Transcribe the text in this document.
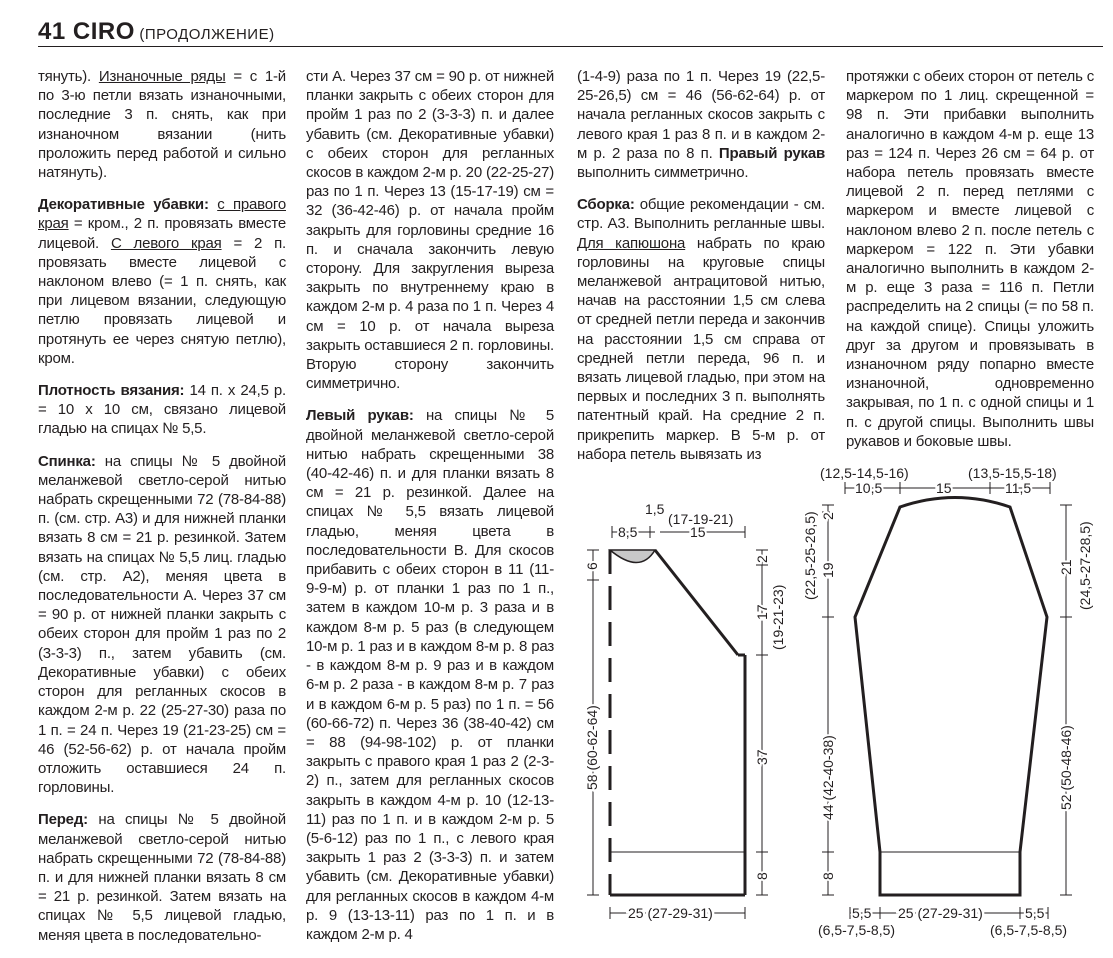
41 CIRO (ПРОДОЛЖЕНИЕ)

тянуть). Изнаночные ряды = с 1-й по 3-ю петли вязать изнаночными, последние 3 п. снять, как при изнаночном вязании (нить проложить перед работой и сильно натянуть).

Декоративные убавки: с правого края = кром., 2 п. провязать вместе лицевой. С левого края = 2 п. провязать вместе лицевой с наклоном влево (= 1 п. снять, как при лицевом вязании, следующую петлю провязать лицевой и протянуть ее через снятую петлю), кром.

Плотность вязания: 14 п. x 24,5 р. = 10 x 10 см, связано лицевой гладью на спицах № 5,5.

Спинка: на спицы № 5 двойной меланжевой светло-серой нитью набрать скрещенными 72 (78-84-88) п. (см. стр. А3) и для нижней планки вязать 8 см = 21 р. резинкой. Затем вязать на спицах № 5,5 лиц. гладью (см. стр. А2), меняя цвета в последовательности А. Через 37 см = 90 р. от нижней планки закрыть с обеих сторон для пройм 1 раз по 2 (3-3-3) п., затем убавить (см. Декоративные убавки) с обеих сторон для регланных скосов в каждом 2-м р. 22 (25-27-30) раза по 1 п. = 24 п. Через 19 (21-23-25) см = 46 (52-56-62) р. от начала пройм отложить оставшиеся 24 п. горловины.

Перед: на спицы № 5 двойной меланжевой светло-серой нитью набрать скрещенными 72 (78-84-88) п. и для нижней планки вязать 8 см = 21 р. резинкой. Затем вязать на спицах № 5,5 лицевой гладью, меняя цвета в последовательно-

сти А. Через 37 см = 90 р. от нижней планки закрыть с обеих сторон для пройм 1 раз по 2 (3-3-3) п. и далее убавить (см. Декоративные убавки) с обеих сторон для регланных скосов в каждом 2-м р. 20 (22-25-27) раз по 1 п. Через 13 (15-17-19) см = 32 (36-42-46) р. от начала пройм закрыть для горловины средние 16 п. и сначала закончить левую сторону. Для закругления выреза закрыть по внутреннему краю в каждом 2-м р. 4 раза по 1 п. Через 4 см = 10 р. от начала выреза закрыть оставшиеся 2 п. горловины. Вторую сторону закончить симметрично.

Левый рукав: на спицы № 5 двойной меланжевой светло-серой нитью набрать скрещенными 38 (40-42-46) п. и для планки вязать 8 см = 21 р. резинкой. Далее на спицах № 5,5 вязать лицевой гладью, меняя цвета в последовательности В. Для скосов прибавить с обеих сторон в 11 (11-9-9-м) р. от планки 1 раз по 1 п., затем в каждом 10-м р. 3 раза и в каждом 8-м р. 5 раз (в следующем 10-м р. 1 раз и в каждом 8-м р. 8 раз - в каждом 8-м р. 9 раз и в каждом 6-м р. 2 раза - в каждом 8-м р. 7 раз и в каждом 6-м р. 5 раз) по 1 п. = 56 (60-66-72) п. Через 36 (38-40-42) см = 88 (94-98-102) р. от планки закрыть с правого края 1 раз 2 (2-3-2) п., затем для регланных скосов закрыть в каждом 4-м р. 10 (12-13-11) раз по 1 п. и в каждом 2-м р. 5 (5-6-12) раз по 1 п., с левого края закрыть 1 раз 2 (3-3-3) п. и затем убавить (см. Декоративные убавки) для регланных скосов в каждом 4-м р. 9 (13-13-11) раз по 1 п. и в каждом 2-м р. 4

(1-4-9) раза по 1 п. Через 19 (22,5-25-26,5) см = 46 (56-62-64) р. от начала регланных скосов закрыть с левого края 1 раз 8 п. и в каждом 2-м р. 2 раза по 8 п. Правый рукав выполнить симметрично.

Сборка: общие рекомендации - см. стр. А3. Выполнить регланные швы. Для капюшона набрать по краю горловины на круговые спицы меланжевой антрацитовой нитью, начав на расстоянии 1,5 см слева от средней петли переда и закончив на расстоянии 1,5 см справа от средней петли переда, 96 п. и вязать лицевой гладью, при этом на первых и последних 3 п. выполнять патентный край. На средние 2 п. прикрепить маркер. В 5-м р. от набора петель вывязать из

протяжки с обеих сторон от петель с маркером по 1 лиц. скрещенной = 98 п. Эти прибавки выполнить аналогично в каждом 4-м р. еще 13 раз = 124 п. Через 26 см = 64 р. от набора петель провязать вместе лицевой 2 п. перед петлями с маркером и вместе лицевой с наклоном влево 2 п. после петель с маркером = 122 п. Эти убавки аналогично выполнить в каждом 2-м р. еще 3 раза = 116 п. Петли распределить на 2 спицы (= по 58 п. на каждой спице). Спицы уложить друг за другом и провязывать в изнаночном ряду попарно вместе изнаночной, одновременно закрывая, по 1 п. с одной спицы и 1 п. с другой спицы. Выполнить швы рукавов и боковые швы.

1,5
(17-19-21)
8,5	15
6
58 (60-62-64)
2
17 (19-21-23)
37
8
25 (27-29-31)
(12,5-14,5-16)	(13,5-15,5-18)
10,5	15	11,5
(22,5-25-26,5) 19
2
44 (42-40-38)
8
21 (24,5-27-28,5)
52 (50-48-46)
5,5 25 (27-29-31)	5,5
(6,5-7,5-8,5)	(6,5-7,5-8,5)
